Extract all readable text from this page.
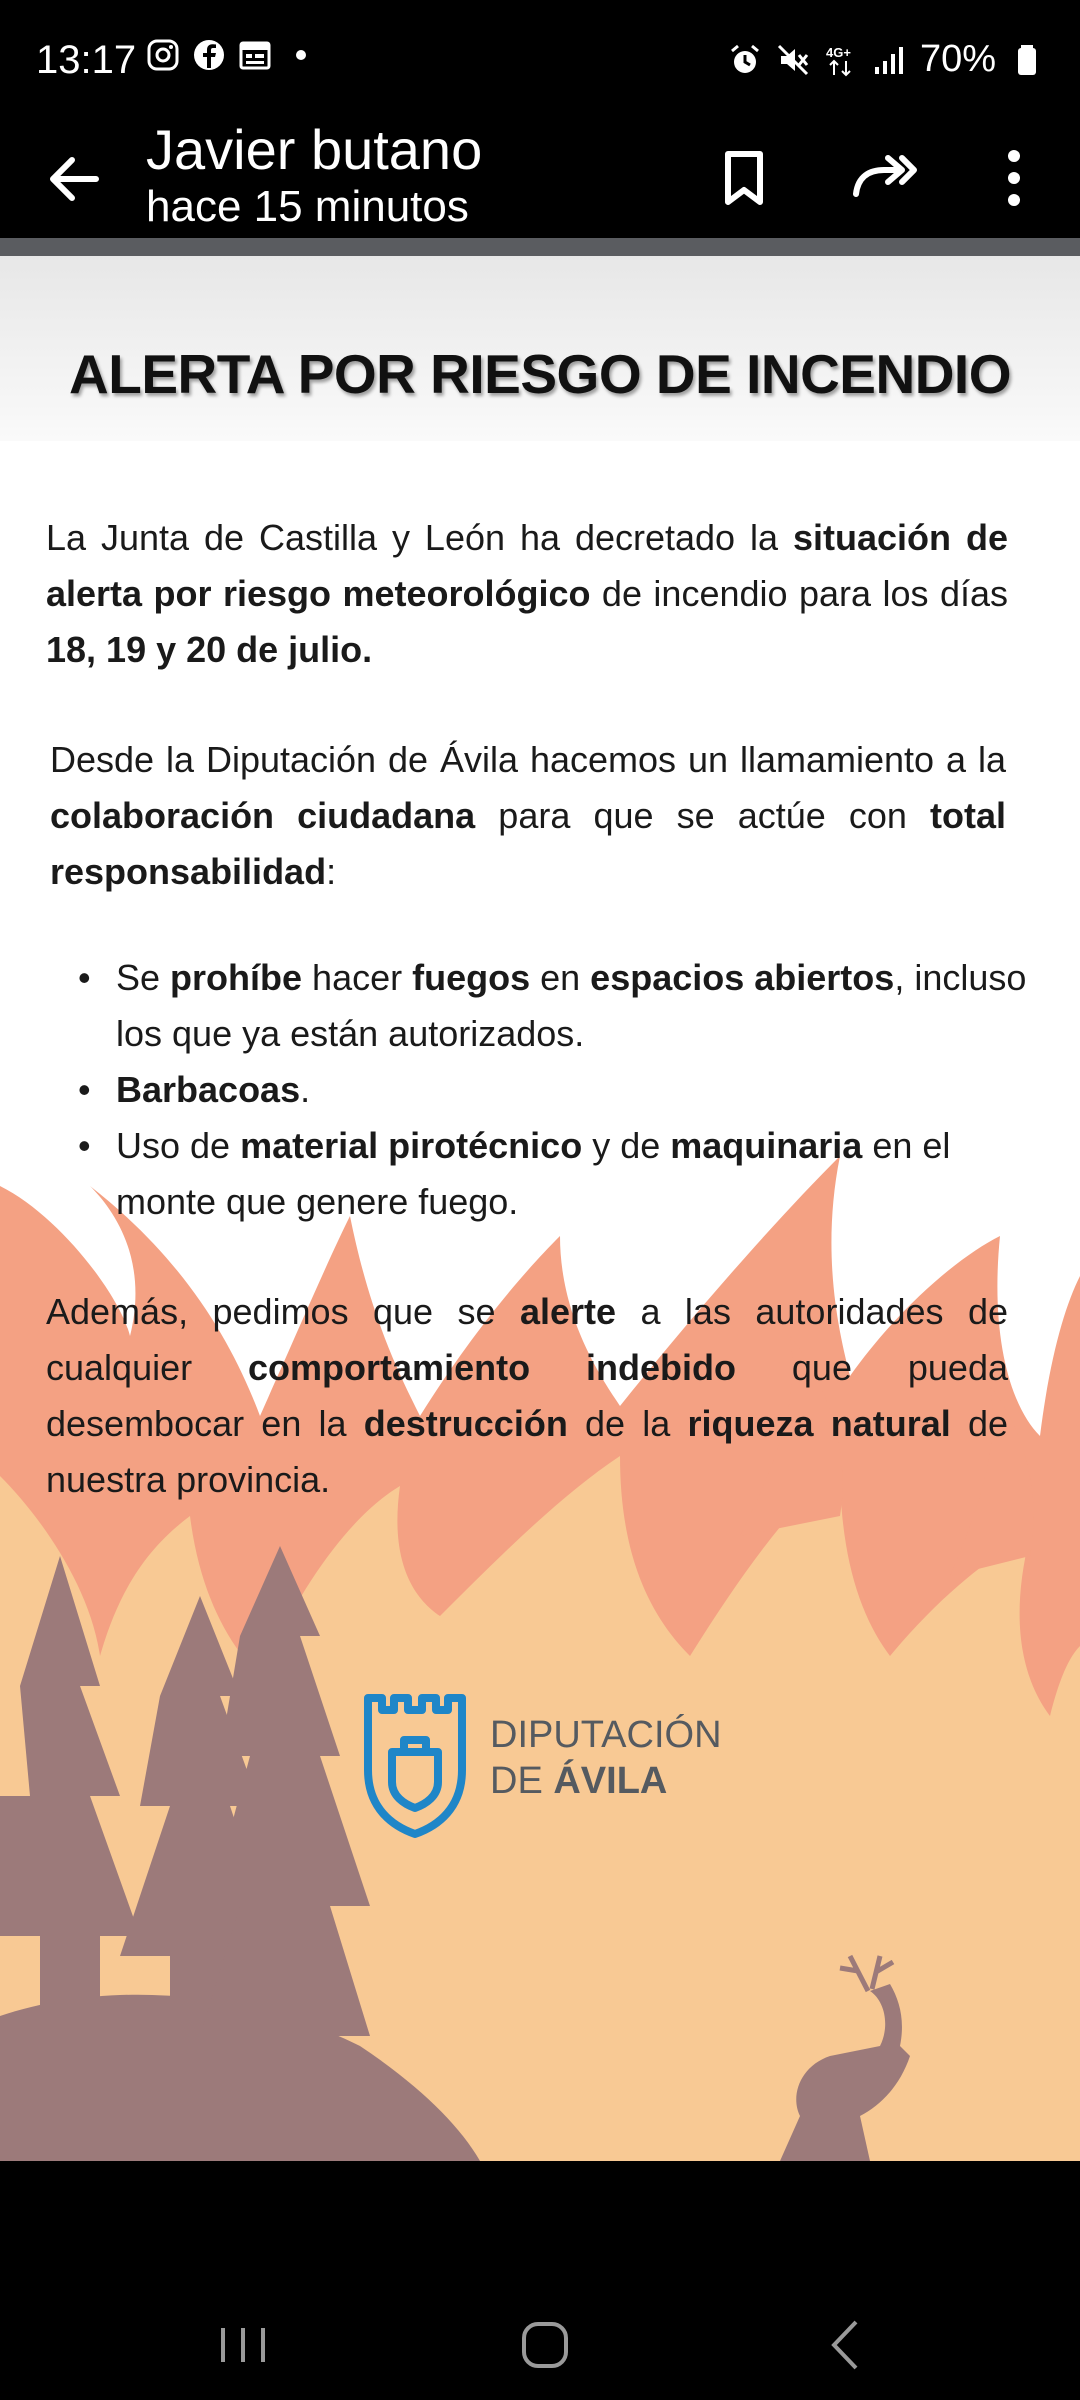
13:17	4G+ 70%
Javier butano
hace 15 minutos
ALERTA POR RIESGO DE INCENDIO

La Junta de Castilla y León ha decretado la situación de alerta por riesgo meteorológico de incendio para los días 18, 19 y 20 de julio.

Desde la Diputación de Ávila hacemos un llamamiento a la colaboración ciudadana para que se actúe con total responsabilidad:

• Se prohíbe hacer fuegos en espacios abiertos, incluso los que ya están autorizados.
• Barbacoas.
• Uso de material pirotécnico y de maquinaria en el monte que genere fuego.

Además, pedimos que se alerte a las autoridades de cualquier comportamiento indebido que pueda desembocar en la destrucción de la riqueza natural de nuestra provincia.

DIPUTACIÓN
DE ÁVILA
